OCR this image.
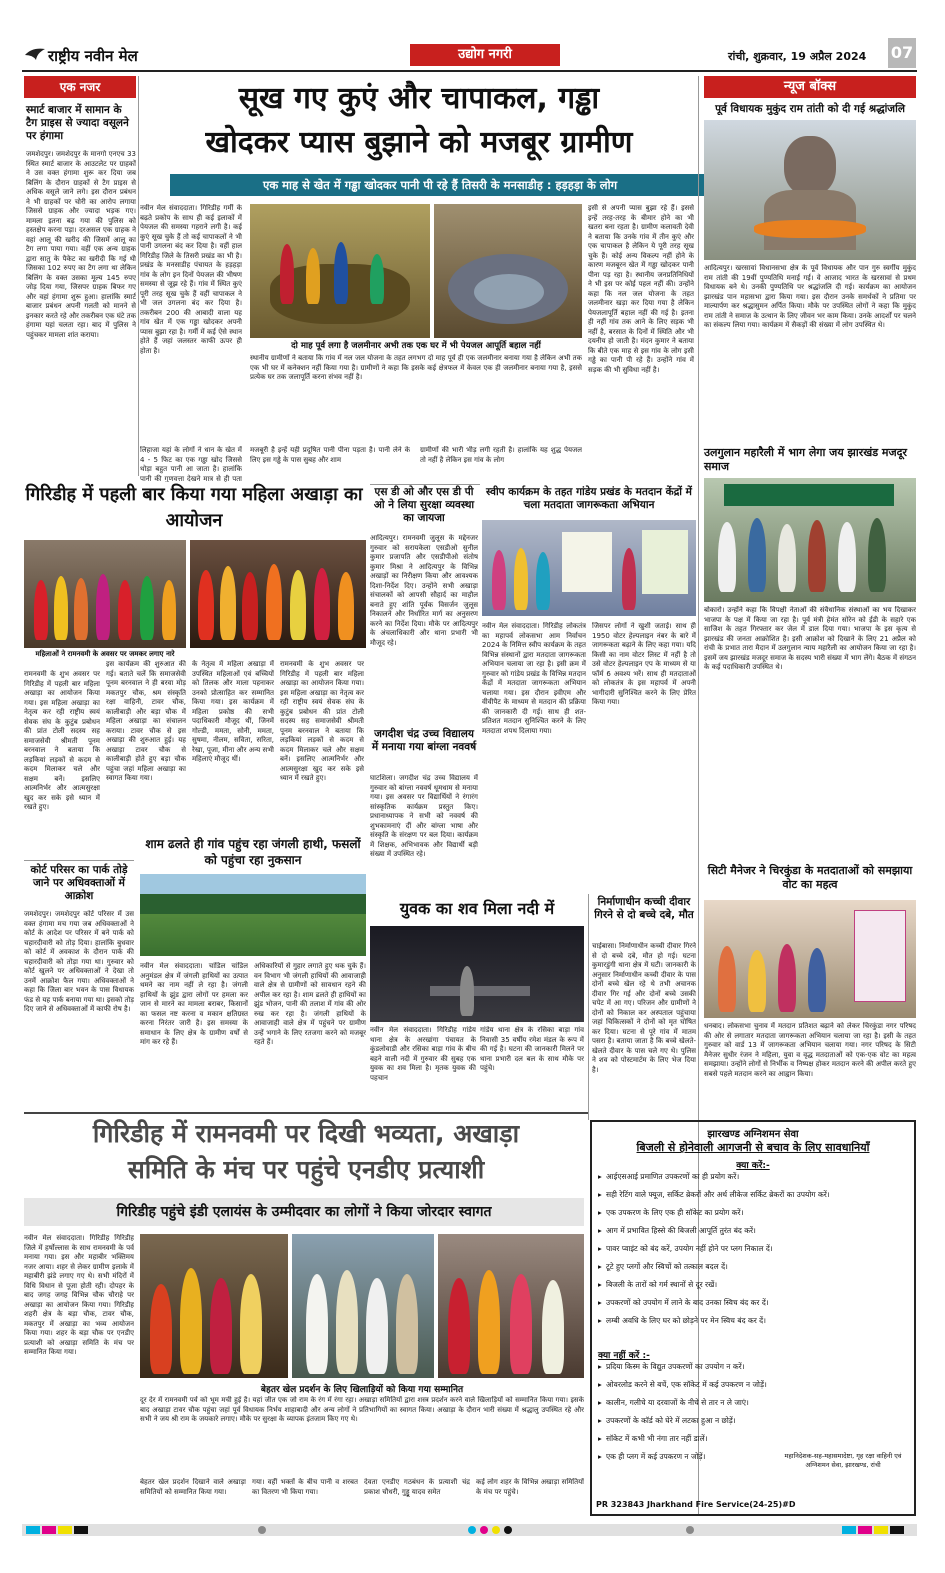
राष्ट्रीय नवीन मेल	उद्योग नगरी	रांची, शुक्रवार, 19 अप्रैल 2024 07
एक नजर
स्मार्ट बाजार में सामान के टैग प्राइस से ज्यादा वसूलने पर हंगामा
जमशेदपुर। जमशेदपुर के मानगो एनएच 33 स्थित स्मार्ट बाजार के आउटलेट पर ग्राहकों ने उस वक्त हंगामा शुरू कर दिया जब बिलिंग के दौरान ग्राहकों से टैग प्राइस से अधिक वसूले जाने लगे। इस दौरान प्रबंधन ने भी ग्राहकों पर चोरी का आरोप लगाया जिससे ग्राहक और ज्यादा भड़क गए। मामला इतना बढ़ गया की पुलिस को हस्तक्षेप करना पड़ा। दरअसल एक ग्राहक ने वहां आलू की खरीद की जिसमें आलू का टैग लगा पाया गया। वहीं एक अन्य ग्राहक द्वारा सातु के पैकेट का खरीदी कि गई थी जिसका 102 रुपए का टैग लगा था लेकिन बिलिंग के वक्त उसका मूल्य 145 रुपए जोड़ दिया गया, जिसपर ग्राहक बिफर गए और वहां हंगामा शुरू हुआ। हालांकि स्मार्ट बाजार प्रबंधन अपनी गलती को मानने से इनकार करते रहे और तकरीबन एक घंटे तक हंगामा यहां चलता रहा। बाद में पुलिस ने पहुंचकर मामला शांत कराया।
गिरिडीह में पहली बार किया गया महिला अखाड़ा का आयोजन
महिलाओं ने रामनवमी के अवसर पर जमकर लगाए नारे
रामनवमी के शुभ अवसर पर गिरिडीह में पहली बार महिला अखाड़ा का आयोजन किया गया। इस महिला अखाड़ा का नेतृत्व कर रही राष्ट्रीय स्वयं सेवक संघ के कुटुंब प्रबोधन की प्रांत टोली सदस्य सह समाजसेवी श्रीमती पूनम बरनवाल ने बताया कि लड़कियां लड़कों से कदम से कदम मिलाकर चले और सक्षम बनें। इसलिए आत्मनिर्भर और आत्मसुरक्षा खुद कर सके इसे ध्यान में रखते हुए।
इस कार्यक्रम की शुरुआत की गई। बताते चलें कि समाजसेवी पूनम बरनवाल ने ही बरवा मोड़ मकतपुर चौक, श्रम संस्कृति रक्षा वाहिनी, टावर चौक, कालीबाड़ी और बड़ा चौक में महिला अखाड़ा का संचालन कराया। टावर चौक से इस अखाड़ा की शुरुआत हुई। यह अखाड़ा टावर चौक से कालीबाड़ी होते हुए बड़ा चौक पहुंचा जहां महिला अखाड़ा का स्वागत किया गया।
के नेतृत्व में महिला अखाड़ा में उपस्थित महिलाओं एवं बच्चियों को तिलक और माला पहनाकर उनको प्रोत्साहित कर सम्मानित किया गया। इस कार्यक्रम में महिला प्रकोष्ठ की सभी पदाधिकारी मौजूद थीं, जिनमें गोल्डी, ममता, सोनी, ममता, सुषमा, नीलम, सविता, सरिता, रेखा, पूजा, मीना और अन्य सभी महिलाएं मौजूद थीं।
रामनवमी के शुभ अवसर पर गिरिडीह में पहली बार महिला अखाड़ा का आयोजन किया गया। इस महिला अखाड़ा का नेतृत्व कर रही राष्ट्रीय स्वयं सेवक संघ के कुटुंब प्रबोधन की प्रांत टोली सदस्य सह समाजसेवी श्रीमती पूनम बरनवाल ने बताया कि लड़कियां लड़कों से कदम से कदम मिलाकर चले और सक्षम बनें। इसलिए आत्मनिर्भर और आत्मसुरक्षा खुद कर सके इसे ध्यान में रखते हुए।
कोर्ट परिसर का पार्क तोड़े जाने पर अधिवक्ताओं में आक्रोश
जमशेदपुर। जमशेदपुर कोर्ट परिसर में उस वक्त हंगामा मच गया जब अधिवक्ताओं ने कोर्ट के आदेश पर परिसर में बने पार्क को चहारदीवारी को तोड़ दिया। हालांकि बुधवार को कोर्ट में अवकाश के दौरान पार्क की चहारदीवारी को तोड़ा गया था। गुरुवार को कोर्ट खुलने पर अधिवक्ताओं ने देखा तो उनमें आक्रोश फैल गया। अधिवक्ताओं ने कहा कि जिला बार भवन के पास विधायक फंड से यह पार्क बनाया गया था। इसको तोड़ दिए जाने से अधिवक्ताओं में काफी रोष है।
सूख गए कुएं और चापाकल, गड्ढा
खोदकर प्यास बुझाने को मजबूर ग्रामीण
एक माह से खेत में गड्ढा खोदकर पानी पी रहे हैं तिसरी के मनसाडीह : हड़हड़ा के लोग
नवीन मेल संवाददाता। गिरिडीह गर्मी के बढ़ते प्रकोप के साथ ही कई इलाकों में पेयजल की समस्या गहराने लगी है। कई कुएं सूख चुके हैं तो कई चापाकलों ने भी पानी उगलना बंद कर दिया है। वहीं हाल गिरिडीह जिले के तिसरी प्रखंड का भी है। प्रखंड के मनसाडीह पंचायत के हड़हड़ा गांव के लोग इन दिनों पेयजल की भीषण समस्या से जूझ रहे हैं। गांव में स्थित कुएं पूरी तरह सूख चुके हैं वहीं चापाकल ने भी जल उगलना बंद कर दिया है। तकरीबन 200 की आबादी वाला यह गांव खेत में एक गड्ढा खोदकर अपनी प्यास बुझा रहा है। गर्मी में कई ऐसे स्थान होते हैं जहां जलस्तर काफी ऊपर ही होता है।
लिहाजा यहां के लोगों ने धान के खेत में 4 - 5 फिट का एक गड्ढा खोद जिससे थोड़ा बहुत पानी आ जाता है। हालांकि पानी की गुणवत्ता देखने मात्र से ही पता
दो माह पूर्व लगा है जलमीनार अभी तक एक घर में भी पेयजल आपूर्ति बहाल नहीं
स्थानीय ग्रामीणों ने बताया कि गांव में नल जल योजना के तहत लगभग दो माह पूर्व ही एक जलमीनार बनाया गया है लेकिन अभी तक एक भी घर में कनेक्शन नहीं किया गया है। ग्रामीणों ने कहा कि इसके कई क्षेत्रफल में केवल एक ही जलमीनार बनाया गया है, इससे प्रत्येक घर तक जलापूर्ति करना संभव नहीं है।
मजबूरी है इन्हें यही प्रदूषित पानी पीना पड़ता है। पानी लेने के लिए इस गड्ढे के पास सुबह और शाम
ग्रामीणों की भारी भीड़ लगी रहती है। हालांकि यह शुद्ध पेयजल तो नहीं है लेकिन इस गांव के लोग
इसी से अपनी प्यास बुझा रहे हैं। इससे इन्हें तरह-तरह के बीमार होने का भी खतरा बना रहता है। ग्रामीण कलावती देवी ने बताया कि उनके गांव में तीन कुएं और एक चापाकल है लेकिन ये पूरी तरह सूख चुके हैं। कोई अन्य विकल्प नहीं होने के कारण मजबूरन खेत में गड्ढा खोदकर पानी पीना पड़ रहा है। स्थानीय जनप्रतिनिधियों ने भी इस पर कोई पहल नहीं की। उन्होंने कहा कि नल जल योजना के तहत जलमीनार खड़ा कर दिया गया है लेकिन पेयजलापूर्ति बहाल नहीं की गई है। इतना ही नहीं गांव तक आने के लिए सड़क भी नहीं है, बरसात के दिनों में स्थिति और भी दयनीय हो जाती है। मंदन कुमार ने बताया कि बीते एक माह से इस गांव के लोग इसी गड्ढे का पानी पी रहे हैं। उन्होंने गांव में सड़क की भी सुविधा नहीं है।
एस डी ओ और एस डी पी ओ ने लिया सुरक्षा व्यवस्था का जायजा
आदित्यपुर। रामनवमी जुलूस के मद्देनजर गुरुवार को सरायकेला एसडीओ सुनील कुमार प्रजापति और एसडीपीओ संतोष कुमार मिश्रा ने आदित्यपुर के विभिन्न अखाड़ों का निरीक्षण किया और आवश्यक दिशा-निर्देश दिए। उन्होंने सभी अखाड़ा संचालकों को आपसी सौहार्द का माहौल बनाते हुए शांति पूर्वक विसर्जन जुलूस निकालने और निर्धारित मार्ग का अनुसरण करने का निर्देश दिया। मौके पर आदित्यपुर के अंचलाधिकारी और थाना प्रभारी भी मौजूद रहे।
जगदीश चंद्र उच्च विद्यालय में मनाया गया बांग्ला नववर्ष
घाटशिला। जगदीश चंद्र उच्च विद्यालय में गुरुवार को बांग्ला नववर्ष धूमधाम से मनाया गया। इस अवसर पर विद्यार्थियों ने रंगारंग सांस्कृतिक कार्यक्रम प्रस्तुत किए। प्रधानाध्यापक ने सभी को नववर्ष की शुभकामनाएं दीं और बांग्ला भाषा और संस्कृति के संरक्षण पर बल दिया। कार्यक्रम में शिक्षक, अभिभावक और विद्यार्थी बड़ी संख्या में उपस्थित रहे।
स्वीप कार्यक्रम के तहत गांडेय प्रखंड के मतदान केंद्रों में चला मतदाता जागरूकता अभियान
नवीन मेल संवाददाता। गिरिडीह लोकतंत्र का महापर्व लोकसभा आम निर्वाचन 2024 के निमित्त स्वीप कार्यक्रम के तहत विभिन्न संस्थानों द्वारा मतदाता जागरूकता अभियान चलाया जा रहा है। इसी क्रम में गुरुवार को गांडेय प्रखंड के विभिन्न मतदान केंद्रों में मतदाता जागरूकता अभियान चलाया गया। इस दौरान इवीएम और वीवीपैट के माध्यम से मतदान की प्रक्रिया की जानकारी दी गई। साथ ही शत-प्रतिशत मतदान सुनिश्चित करने के लिए मतदाता शपथ दिलाया गया।
जिसपर लोगों ने खुशी जताई। साथ ही 1950 वोटर हेल्पलाइन नंबर के बारे में जागरूकता बढ़ाने के लिए कहा गया। यदि किसी का नाम वोटर लिस्ट में नहीं है तो उसे वोटर हेल्पलाइन एप के माध्यम से या फॉर्म 6 अवश्य भरें। साथ ही मतदाताओं को लोकतंत्र के इस महापर्व में अपनी भागीदारी सुनिश्चित करने के लिए प्रेरित किया गया।
शाम ढलते ही गांव पहुंच रहा जंगली हाथी, फसलों को पहुंचा रहा नुकसान
नवीन मेल संवाददाता। चांडिल चांडिल अनुमंडल क्षेत्र में जंगली हाथियों का उत्पात थमने का नाम नहीं ले रहा है। जंगली हाथियों के झुंड द्वारा लोगों पर हमला कर जान से मारने का मामला बराबर, किसानों का फसल नष्ट करना व मकान क्षतिग्रस्त करना निरंतर जारी है। इस समस्या के समाधान के लिए क्षेत्र के ग्रामीण वर्षों से मांग कर रहे हैं।
अधिकारियों से गुहार लगाते हुए थक चुके हैं। वन विभाग भी जंगली हाथियों की आवाजाही वाले क्षेत्र से ग्रामीणों को सावधान रहने की अपील कर रहा है। शाम ढलते ही हाथियों का झुंड भोजन, पानी की तलाश में गांव की ओर रुख कर रहा है। जंगली हाथियों के आवाजाही वाले क्षेत्र में पहुंचने पर ग्रामीण उन्हें भगाने के लिए रतजगा करने को मजबूर रहते हैं।
युवक का शव मिला नदी में
नवीन मेल संवाददाता। गिरिडीह गांडेय थाना क्षेत्र के अरखांगा पंचायत के कुंडलोवाडी और रसिका बाड़ा गांव के बीच बहने वाली नदी में गुरुवार की सुबह एक युवक का शव मिला है। मृतक युवक की पहचान
गांडेय थाना क्षेत्र के रसिका बाड़ा गांव निवासी 35 वर्षीय रमेश मंडल के रूप में की गई है। घटना की जानकारी मिलने पर थाना प्रभारी दल बल के साथ मौके पर पहुंचे।
निर्माणाधीन कच्ची दीवार गिरने से दो बच्चे दबे, मौत
चाईबासा। निर्माणाधीन कच्ची दीवार गिरने से दो बच्चे दबे, मौत हो गई। घटना कुमारडुंगी थाना क्षेत्र में घटी। जानकारी के अनुसार निर्माणाधीन कच्ची दीवार के पास दोनों बच्चे खेल रहे थे तभी अचानक दीवार गिर गई और दोनों बच्चे उसकी चपेट में आ गए। परिजन और ग्रामीणों ने दोनों को निकाल कर अस्पताल पहुंचाया जहां चिकित्सकों ने दोनों को मृत घोषित कर दिया। घटना से पूरे गांव में मातम पसरा है। बताया जाता है कि बच्चे खेलते-खेलते दीवार के पास चले गए थे। पुलिस ने शव को पोस्टमार्टम के लिए भेज दिया है।
गिरिडीह में रामनवमी पर दिखी भव्यता, अखाड़ा
समिति के मंच पर पहुंचे एनडीए प्रत्याशी
गिरिडीह पहुंचे इंडी एलायंस के उम्मीदवार का लोगों ने किया जोरदार स्वागत
नवीन मेल संवाददाता। गिरिडीह गिरिडीह जिले में हर्षोल्लास के साथ रामनवमी के पर्व मनाया गया। इस और महाबीर भक्तिमय नजर आया। शहर से लेकर ग्रामीण इलाके में महाबीरी झंडे लगाए गए थे। सभी मंदिरों में विधि विधान से पूजा होती रही। दोपहर के बाद जगह जगह विभिन्न चौक चौराहे पर अखाड़ा का आयोजन किया गया। गिरिडीह शहरी क्षेत्र के बड़ा चौक, टावर चौक, मकतपुर में अखाड़ा का भव्य आयोजन किया गया। शहर के बड़ा चौक पर एनडीए प्रत्याशी को अखाड़ा समिति के मंच पर सम्मानित किया गया।
बेहतर खेल प्रदर्शन के लिए खिलाड़ियों को किया गया सम्मानित
दूर देर में रामनवमी पर्व को भूम मची हुई है। यहां जीत एक जो राम के रंग में रंगा रहा। अखाड़ा समितियों द्वारा शस्त्र प्रदर्शन करने वाले खिलाड़ियों को सम्मानित किया गया। इसके बाद अखाड़ा टावर चौक पहुंचा जहां पूर्व विधायक निर्भय शाहाबादी और अन्य लोगों ने प्रतिभागियों का स्वागत किया। अखाड़ा के दौरान भारी संख्या में श्रद्धालु उपस्थित रहे और सभी ने जय श्री राम के जयकारे लगाए। मौके पर सुरक्षा के व्यापक इंतजाम किए गए थे।
बेहतर खेल प्रदर्शन दिखाने वाले अखाड़ा समितियों को सम्मानित किया गया।
गया। वहीं भक्तों के बीच पानी व शरबत का वितरण भी किया गया।
देवता एनडीए गठबंधन के प्रत्याशी चंद्र प्रकाश चौधरी, गुड्डू यादव समेत
कई लोग शहर के विभिन्न अखाड़ा समितियों के मंच पर पहुंचे।
न्यूज बॉक्स
पूर्व विधायक मुकुंद राम तांती को दी गई श्रद्धांजलि
आदित्यपुर। खरसावां विधानसभा क्षेत्र के पूर्व विधायक और पान गुरु स्वर्गीय मुकुंद राम तांती की 19वीं पुण्यतिथि मनाई गई। वे आजाद भारत के खरसावां से प्रथम विधायक बने थे। उनकी पुण्यतिथि पर श्रद्धांजलि दी गई। कार्यक्रम का आयोजन झारखंड पान महासभा द्वारा किया गया। इस दौरान उनके समर्थकों ने प्रतिमा पर माल्यार्पण कर श्रद्धासुमन अर्पित किया। मौके पर उपस्थित लोगों ने कहा कि मुकुंद राम तांती ने समाज के उत्थान के लिए जीवन भर काम किया। उनके आदर्शों पर चलने का संकल्प लिया गया। कार्यक्रम में सैकड़ों की संख्या में लोग उपस्थित थे।
उलगुलान महारैली में भाग लेगा जय झारखंड मजदूर समाज
बोकारो। उन्होंने कहा कि विपक्षी नेताओं की संवैधानिक संस्थाओं का भय दिखाकर भाजपा के पक्ष में किया जा रहा है। पूर्व मंत्री हेमंत सोरेन को ईडी के सहारे एक साजिश के तहत गिरफ्तार कर जेल में डाल दिया गया। भाजपा के इस कृत्य से झारखंड की जनता आक्रोशित है। इसी आक्रोश को दिखाने के लिए 21 अप्रैल को रांची के प्रभात तारा मैदान में उलगुलान न्याय महारैली का आयोजन किया जा रहा है। इसमें जय झारखंड मजदूर समाज के सदस्य भारी संख्या में भाग लेंगे। बैठक में संगठन के कई पदाधिकारी उपस्थित थे।
सिटी मैनेजर ने चिरकुंडा के मतदाताओं को समझाया वोट का महत्व
धनबाद। लोकसभा चुनाव में मतदान प्रतिशत बढ़ाने को लेकर चिरकुंडा नगर परिषद की ओर से लगातार मतदाता जागरूकता अभियान चलाया जा रहा है। इसी के तहत गुरुवार को वार्ड 13 में जागरूकता अभियान चलाया गया। नगर परिषद के सिटी मैनेजर सुधीर रंजन ने महिला, युवा व वृद्ध मतदाताओं को एक-एक वोट का महत्व समझाया। उन्होंने लोगों से निर्भीक व निष्पक्ष होकर मतदान करने की अपील करते हुए सबसे पहले मतदान करने का आह्वान किया।
झारखण्ड अग्निशमन सेवा
बिजली से होनेवाली आगजनी से बचाव के लिए सावधानियाँ
क्या करें:-
▸ आईएसआई प्रमाणित उपकरणों का ही प्रयोग करें।
▸ सही रेटिंग वाले फ्यूज, सर्किट ब्रेकरों और अर्थ लीकेज सर्किट ब्रेकरों का उपयोग करें।
▸ एक उपकरण के लिए एक ही सॉकेट का प्रयोग करें।
▸ आग में प्रभावित हिस्से की बिजली आपूर्ति तुरंत बंद करें।
▸ पावर प्वाइंट को बंद करें, उपयोग नहीं होने पर प्लग निकाल दें।
▸ टूटे हुए प्लगों और स्विचों को तत्काल बदल दें।
▸ बिजली के तारों को गर्म स्थानों से दूर रखें।
▸ उपकरणों को उपयोग में लाने के बाद उनका स्विच बंद कर दें।
▸ लम्बी अवधि के लिए घर को छोड़ने पर मेन स्विच बंद कर दें।
क्या नहीं करें :-
▸ प्रदिया किस्म के विद्युत उपकरणों का उपयोग न करें।
▸ ओवरलोड करने से बचें, एक सॉकेट में कई उपकरण न जोड़ें।
▸ कालीन, गलीचे या दरवाजों के नीचे से तार न ले जाएं।
▸ उपकरणों के कॉर्ड को घेरे में लटका हुआ न छोड़ें।
▸ सॉकेट में कभी भी नंगा तार नहीं डालें।
▸ एक ही प्लग में कई उपकरण न जोड़ें।	महानिदेशक-सह-महासमादेष्टा, गृह रक्षा वाहिनी एवं अग्निशमन सेवा, झारखण्ड, रांची
PR 323843 Jharkhand Fire Service(24-25)#D
